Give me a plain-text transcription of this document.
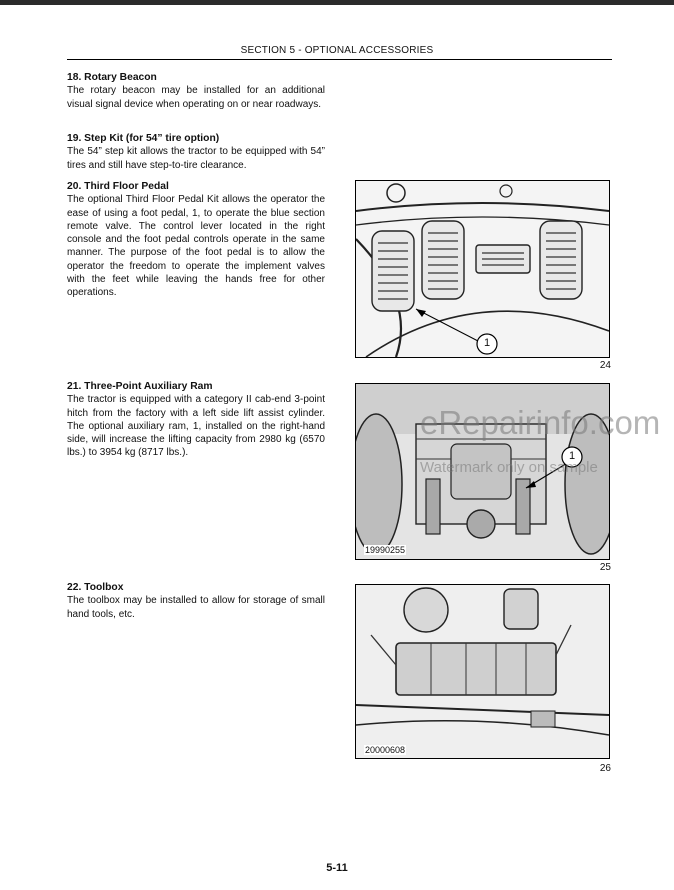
SECTION 5 - OPTIONAL ACCESSORIES
18. Rotary Beacon

The rotary beacon may be installed for an additional visual signal device when operating on or near roadways.

19. Step Kit (for 54” tire option)

The 54” step kit allows the tractor to be equipped with 54” tires and still have step-to-tire clearance.

20. Third Floor Pedal

The optional Third Floor Pedal Kit allows the operator the ease of using a foot pedal, 1, to operate the blue section remote valve. The control lever located in the right console and the foot pedal controls operate in the same manner. The purpose of the foot pedal is to allow the operator the freedom to operate the implement valves with the feet while leaving the hands free for other operations.

21. Three-Point Auxiliary Ram

The tractor is equipped with a category II cab-end 3-point hitch from the factory with a left side lift assist cylinder. The optional auxiliary ram, 1, installed on the right-hand side, will increase the lifting capacity from 2980 kg (6570 lbs.) to 3954 kg (8717 lbs.).

22. Toolbox

The toolbox may be installed to allow for storage of small hand tools, etc.

1
24
19990255
1
25
20000608
26
eRepairinfo.com
Watermark only on sample
5-11
